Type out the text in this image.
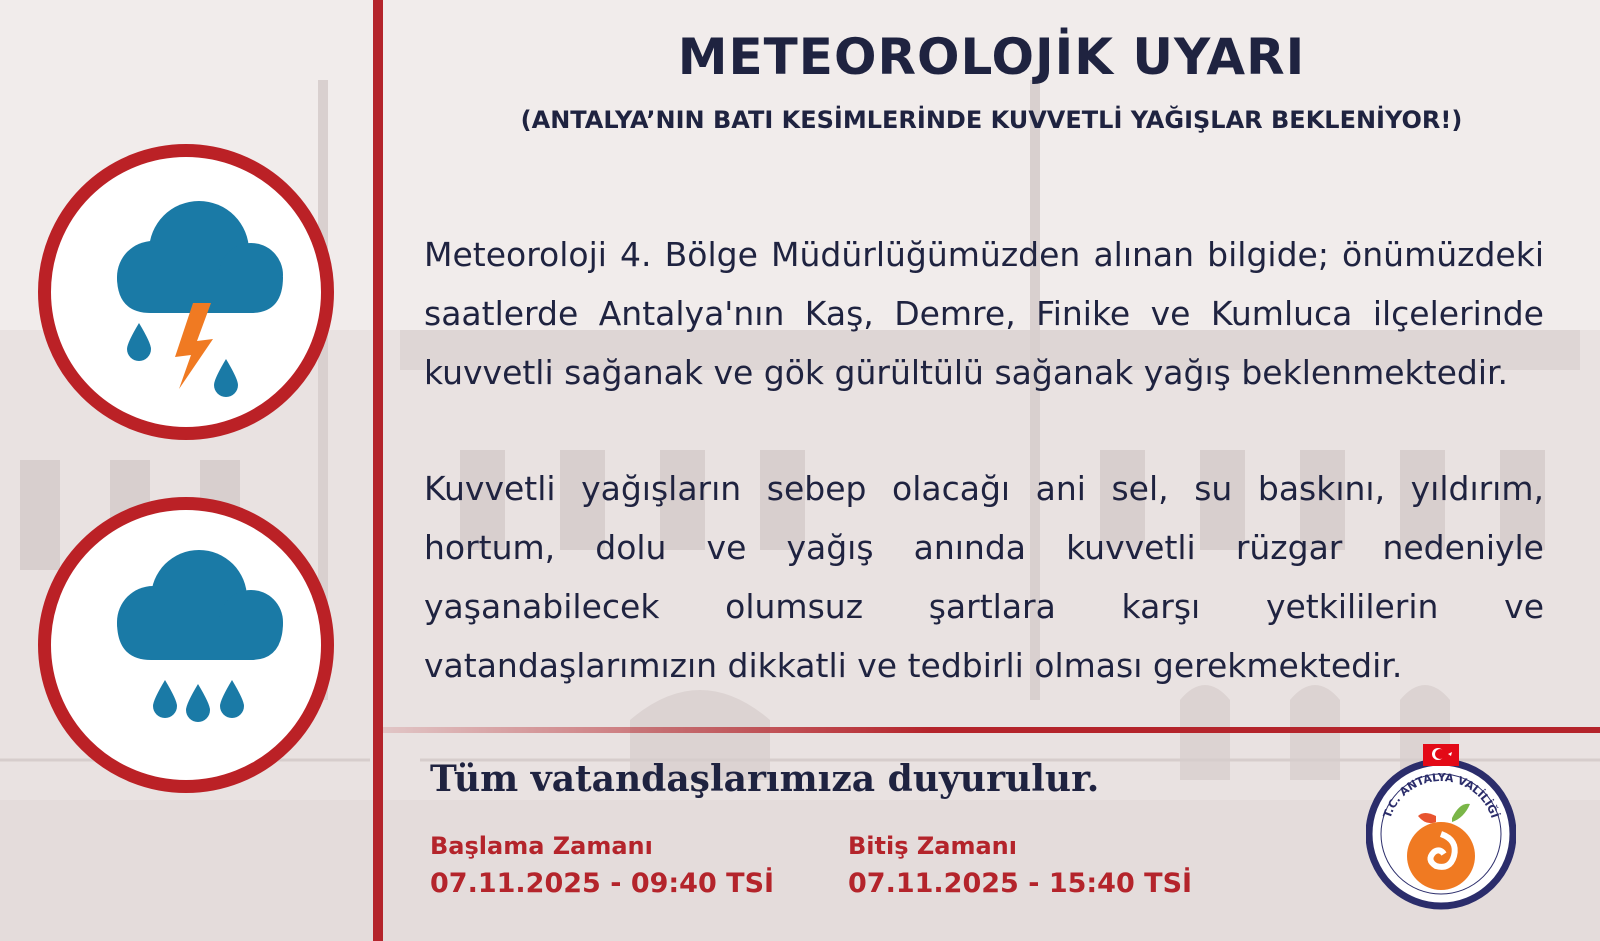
METEOROLOJİK UYARI
(ANTALYA’NIN BATI KESİMLERİNDE KUVVETLİ YAĞIŞLAR BEKLENİYOR!)
Meteoroloji 4. Bölge Müdürlüğümüzden alınan bilgide; önümüzdeki saatlerde Antalya'nın Kaş, Demre, Finike ve Kumluca ilçelerinde kuvvetli sağanak ve gök gürültülü sağanak yağış beklenmektedir.
Kuvvetli yağışların sebep olacağı ani sel, su baskını, yıldırım, hortum, dolu ve yağış anında kuvvetli rüzgar nedeniyle yaşanabilecek olumsuz şartlara karşı yetkililerin ve vatandaşlarımızın dikkatli ve tedbirli olması gerekmektedir.
Tüm vatandaşlarımıza duyurulur.
Başlama Zamanı
07.11.2025 - 09:40 TSİ
Bitiş Zamanı
07.11.2025 - 15:40 TSİ
T.C. ANTALYA VALİLİĞİ
